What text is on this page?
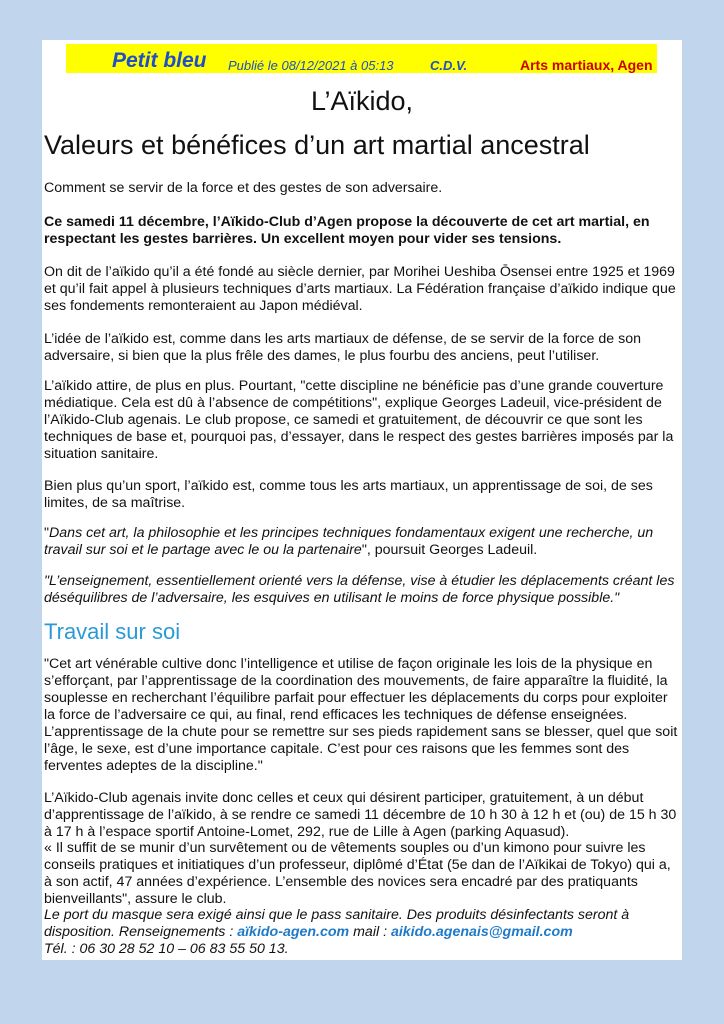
Petit bleu Publié le 08/12/2021 à 05:13	C.D.V.	Arts martiaux, Agen
L’Aïkido,
Valeurs et bénéfices d’un art martial ancestral

Comment se servir de la force et des gestes de son adversaire.

Ce samedi 11 décembre, l’Aïkido-Club d’Agen propose la découverte de cet art martial, en respectant les gestes barrières. Un excellent moyen pour vider ses tensions.

On dit de l’aïkido qu’il a été fondé au siècle dernier, par Morihei Ueshiba Ōsensei entre 1925 et 1969 et qu’il fait appel à plusieurs techniques d’arts martiaux. La Fédération française d’aïkido indique que ses fondements remonteraient au Japon médiéval.

L’idée de l’aïkido est, comme dans les arts martiaux de défense, de se servir de la force de son adversaire, si bien que la plus frêle des dames, le plus fourbu des anciens, peut l’utiliser.

L’aïkido attire, de plus en plus. Pourtant, "cette discipline ne bénéficie pas d’une grande couverture médiatique. Cela est dû à l’absence de compétitions", explique Georges Ladeuil, vice-président de l’Aïkido-Club agenais. Le club propose, ce samedi et gratuitement, de découvrir ce que sont les techniques de base et, pourquoi pas, d’essayer, dans le respect des gestes barrières imposés par la situation sanitaire.

Bien plus qu’un sport, l’aïkido est, comme tous les arts martiaux, un apprentissage de soi, de ses limites, de sa maîtrise.

"Dans cet art, la philosophie et les principes techniques fondamentaux exigent une recherche, un travail sur soi et le partage avec le ou la partenaire", poursuit Georges Ladeuil.

"L’enseignement, essentiellement orienté vers la défense, vise à étudier les déplacements créant les déséquilibres de l’adversaire, les esquives en utilisant le moins de force physique possible."

Travail sur soi

"Cet art vénérable cultive donc l’intelligence et utilise de façon originale les lois de la physique en s’efforçant, par l’apprentissage de la coordination des mouvements, de faire apparaître la fluidité, la souplesse en recherchant l’équilibre parfait pour effectuer les déplacements du corps pour exploiter la force de l’adversaire ce qui, au final, rend efficaces les techniques de défense enseignées. L’apprentissage de la chute pour se remettre sur ses pieds rapidement sans se blesser, quel que soit l’âge, le sexe, est d’une importance capitale. C’est pour ces raisons que les femmes sont des ferventes adeptes de la discipline."

L’Aïkido-Club agenais invite donc celles et ceux qui désirent participer, gratuitement, à un début d’apprentissage de l’aïkido, à se rendre ce samedi 11 décembre de 10 h 30 à 12 h et (ou) de 15 h 30 à 17 h à l’espace sportif Antoine-Lomet, 292, rue de Lille à Agen (parking Aquasud).

« Il suffit de se munir d’un survêtement ou de vêtements souples ou d’un kimono pour suivre les conseils pratiques et initiatiques d’un professeur, diplômé d’État (5e dan de l’Aïkikai de Tokyo) qui a, à son actif, 47 années d’expérience. L’ensemble des novices sera encadré par des pratiquants bienveillants", assure le club.

Le port du masque sera exigé ainsi que le pass sanitaire. Des produits désinfectants seront à disposition. Renseignements : aïkido-agen.com mail : aikido.agenais@gmail.com
Tél. : 06 30 28 52 10 – 06 83 55 50 13.
